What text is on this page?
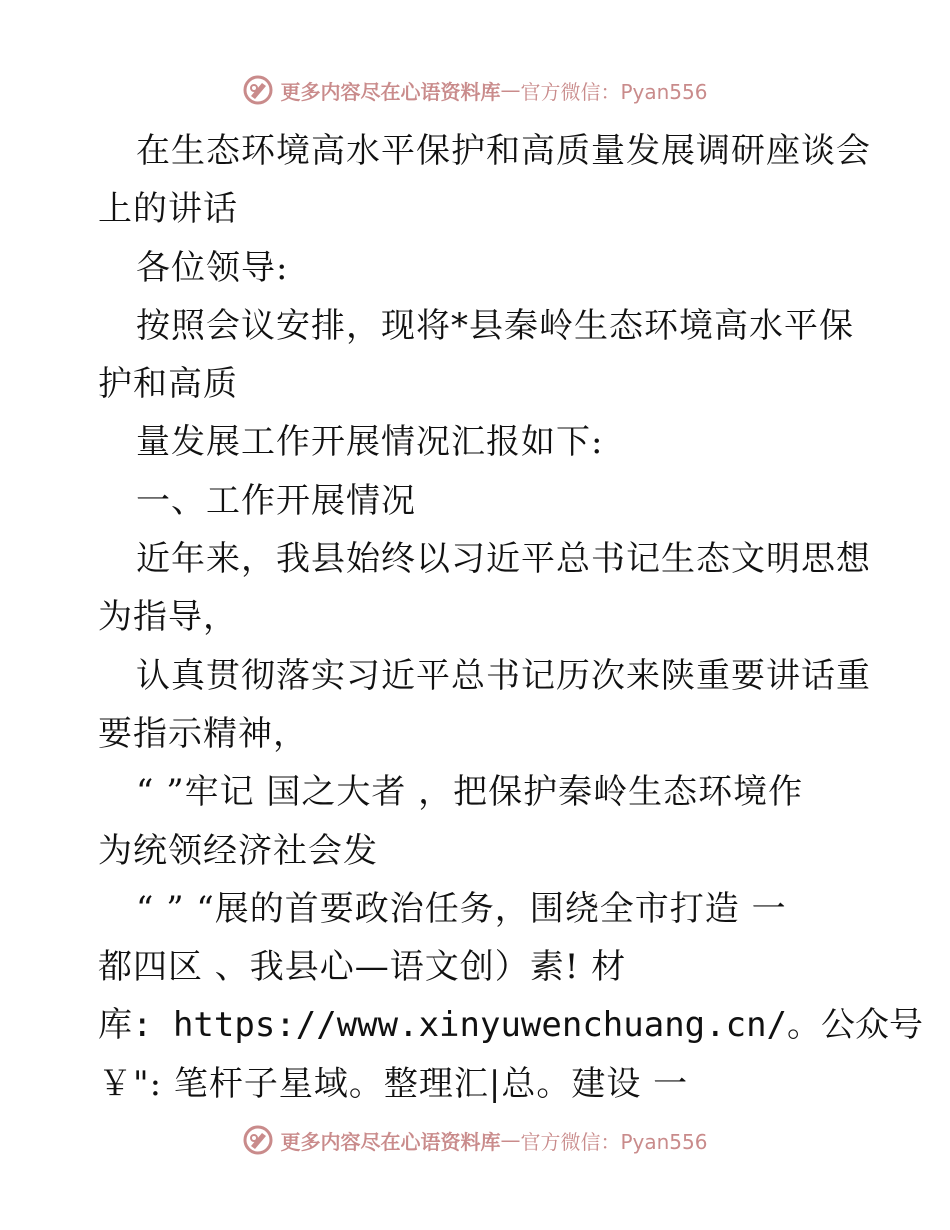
更多内容尽在心语资料库 — 官方微信：Pyan556
在生态环境高水平保护和高质量发展调研座谈会
上的讲话
各位领导:
按照会议安排，现将*县秦岭生态环境高水平保
护和高质
量发展工作开展情况汇报如下:
一、工作开展情况
近年来，我县始终以习近平总书记生态文明思想
为指导，
认真贯彻落实习近平总书记历次来陕重要讲话重
要指示精神，
“ ”牢记 国之大者 ，把保护秦岭生态环境作
为统领经济社会发
“ ” “展的首要政治任务，围绕全市打造 一
都四区 、我县心—语文创）素! 材
库: https://www.xinyuwenchuang.cn/。公众号
￥": 笔杆子星域。整理汇|总。建设 一
更多内容尽在心语资料库 — 官方微信：Pyan556
